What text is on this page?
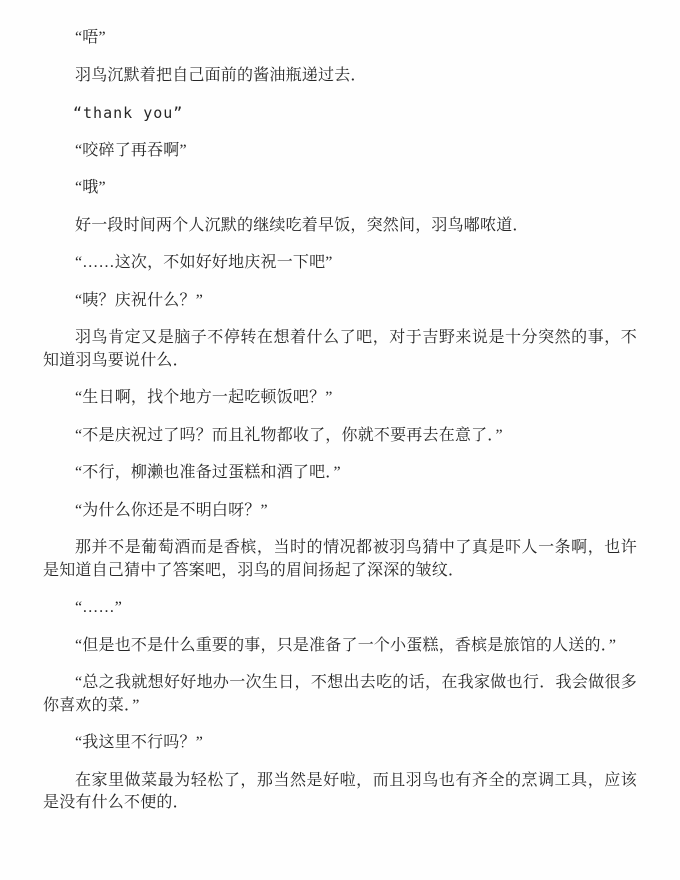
“唔”

羽鸟沉默着把自己面前的酱油瓶递过去．

“thank you”

“咬碎了再吞啊”

“哦”

好一段时间两个人沉默的继续吃着早饭，突然间，羽鸟嘟哝道．

“……这次，不如好好地庆祝一下吧”

“咦？庆祝什么？”

羽鸟肯定又是脑子不停转在想着什么了吧，对于吉野来说是十分突然的事，不知道羽鸟要说什么．

“生日啊，找个地方一起吃顿饭吧？”

“不是庆祝过了吗？而且礼物都收了，你就不要再去在意了．”

“不行，柳濑也准备过蛋糕和酒了吧．”

“为什么你还是不明白呀？”

那并不是葡萄酒而是香槟，当时的情况都被羽鸟猜中了真是吓人一条啊，也许是知道自己猜中了答案吧，羽鸟的眉间扬起了深深的皱纹．

“……”

“但是也不是什么重要的事，只是准备了一个小蛋糕，香槟是旅馆的人送的．”

“总之我就想好好地办一次生日，不想出去吃的话，在我家做也行．我会做很多你喜欢的菜．”

“我这里不行吗？”

在家里做菜最为轻松了，那当然是好啦，而且羽鸟也有齐全的烹调工具，应该是没有什么不便的．
